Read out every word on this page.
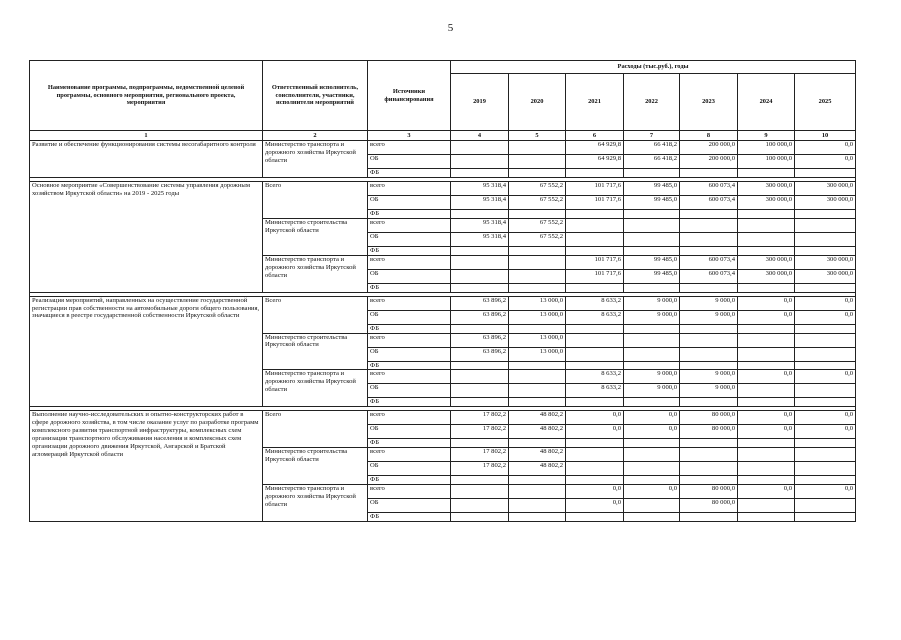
5
Наименование программы, подпрограммы, ведомственной целевой программы, основного мероприятия, регионального проекта, мероприятия	Ответственный исполнитель, соисполнители, участники, исполнители мероприятий	Источники финансирования	Расходы (тыс.руб.), годы						
			2019	2020	2021	2022	2023	2024	2025
1	2	3	4	5	6	7	8	9	10
Развитие и обеспечение функционирования системы весогабаритного контроля	Министерство транспорта и дорожного хозяйства Иркутской области	всего			64 929,8	66 418,2	200 000,0	100 000,0	0,0
		ОБ			64 929,8	66 418,2	200 000,0	100 000,0	0,0
		ФБ							

Основное мероприятие «Совершенствование системы управления дорожным хозяйством Иркутской области» на 2019 - 2025 годы	Всего	всего	95 318,4	67 552,2	101 717,6	99 485,0	600 073,4	300 000,0	300 000,0
		ОБ	95 318,4	67 552,2	101 717,6	99 485,0	600 073,4	300 000,0	300 000,0
		ФБ							
	Министерство строительства Иркутской области	всего	95 318,4	67 552,2					
		ОБ	95 318,4	67 552,2					
		ФБ							
	Министерство транспорта и дорожного хозяйства Иркутской области	всего			101 717,6	99 485,0	600 073,4	300 000,0	300 000,0
		ОБ			101 717,6	99 485,0	600 073,4	300 000,0	300 000,0
		ФБ							

Реализация мероприятий, направленных на осуществление государственной регистрации прав собственности на автомобильные дороги общего пользования, значащиеся в реестре государственной собственности Иркутской области	Всего	всего	63 896,2	13 000,0	8 633,2	9 000,0	9 000,0	0,0	0,0
		ОБ	63 896,2	13 000,0	8 633,2	9 000,0	9 000,0	0,0	0,0
		ФБ							
	Министерство строительства Иркутской области	всего	63 896,2	13 000,0					
		ОБ	63 896,2	13 000,0					
		ФБ							
	Министерство транспорта и дорожного хозяйства Иркутской области	всего			8 633,2	9 000,0	9 000,0	0,0	0,0
		ОБ			8 633,2	9 000,0	9 000,0		
		ФБ							

Выполнение научно-исследовательских и опытно-конструкторских работ в сфере дорожного хозяйства, в том числе оказание услуг по разработке программ комплексного развития транспортной инфраструктуры, комплексных схем организации транспортного обслуживания населения и комплексных схем организации дорожного движения Иркутской, Ангарской и Братской агломераций Иркутской области	Всего	всего	17 802,2	48 802,2	0,0	0,0	80 000,0	0,0	0,0
		ОБ	17 802,2	48 802,2	0,0	0,0	80 000,0	0,0	0,0
		ФБ							
	Министерство строительства Иркутской области	всего	17 802,2	48 802,2					
		ОБ	17 802,2	48 802,2					
		ФБ							
	Министерство транспорта и дорожного хозяйства Иркутской области	всего			0,0	0,0	80 000,0	0,0	0,0
		ОБ			0,0		80 000,0		
		ФБ							
